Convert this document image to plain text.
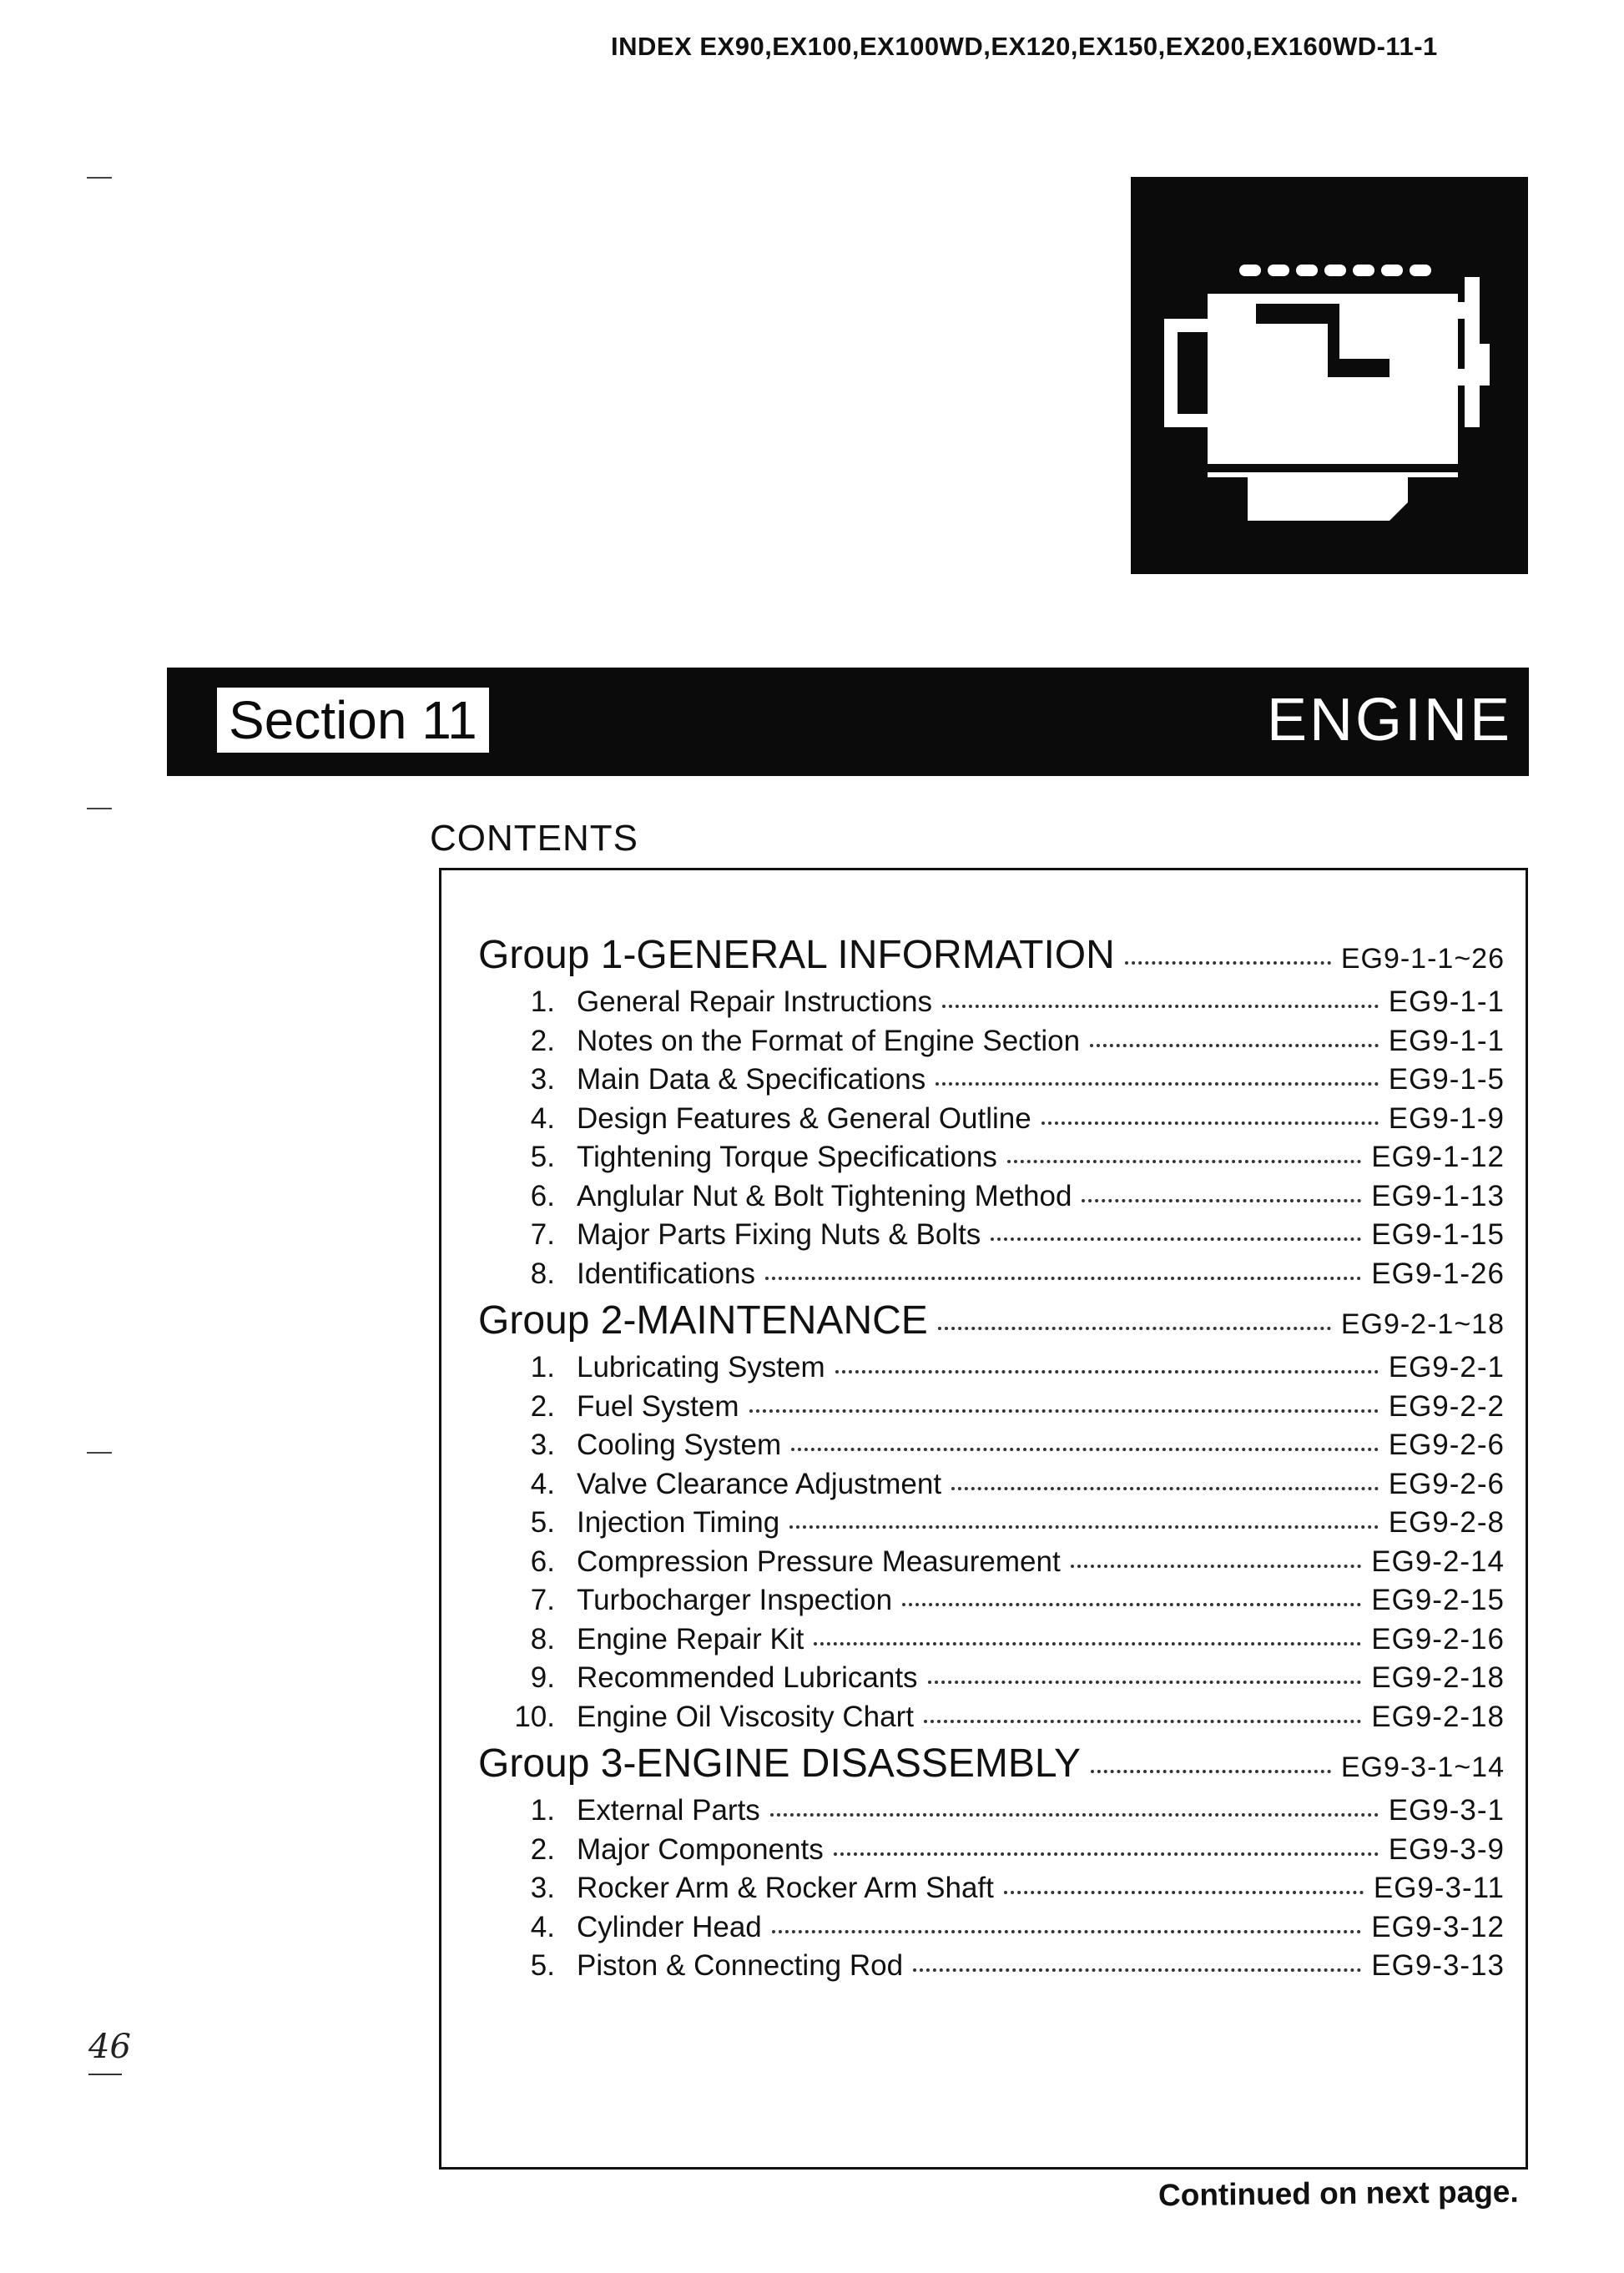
INDEX EX90,EX100,EX100WD,EX120,EX150,EX200,EX160WD-11-1
Section 11	ENGINE
CONTENTS
Group 1-GENERAL INFORMATION	EG9-1-1~26
1. General Repair Instructions	EG9-1-1
2. Notes on the Format of Engine Section	EG9-1-1
3. Main Data & Specifications	EG9-1-5
4. Design Features & General Outline	EG9-1-9
5. Tightening Torque Specifications	EG9-1-12
6. Anglular Nut & Bolt Tightening Method	EG9-1-13
7. Major Parts Fixing Nuts & Bolts	EG9-1-15
8. Identifications	EG9-1-26
Group 2-MAINTENANCE	EG9-2-1~18
1. Lubricating System	EG9-2-1
2. Fuel System	EG9-2-2
3. Cooling System	EG9-2-6
4. Valve Clearance Adjustment	EG9-2-6
5. Injection Timing	EG9-2-8
6. Compression Pressure Measurement	EG9-2-14
7. Turbocharger Inspection	EG9-2-15
8. Engine Repair Kit	EG9-2-16
9. Recommended Lubricants	EG9-2-18
10. Engine Oil Viscosity Chart	EG9-2-18
Group 3-ENGINE DISASSEMBLY	EG9-3-1~14
1. External Parts	EG9-3-1
2. Major Components	EG9-3-9
3. Rocker Arm & Rocker Arm Shaft	EG9-3-11
4. Cylinder Head	EG9-3-12
5. Piston & Connecting Rod	EG9-3-13
46
Continued on next page.
